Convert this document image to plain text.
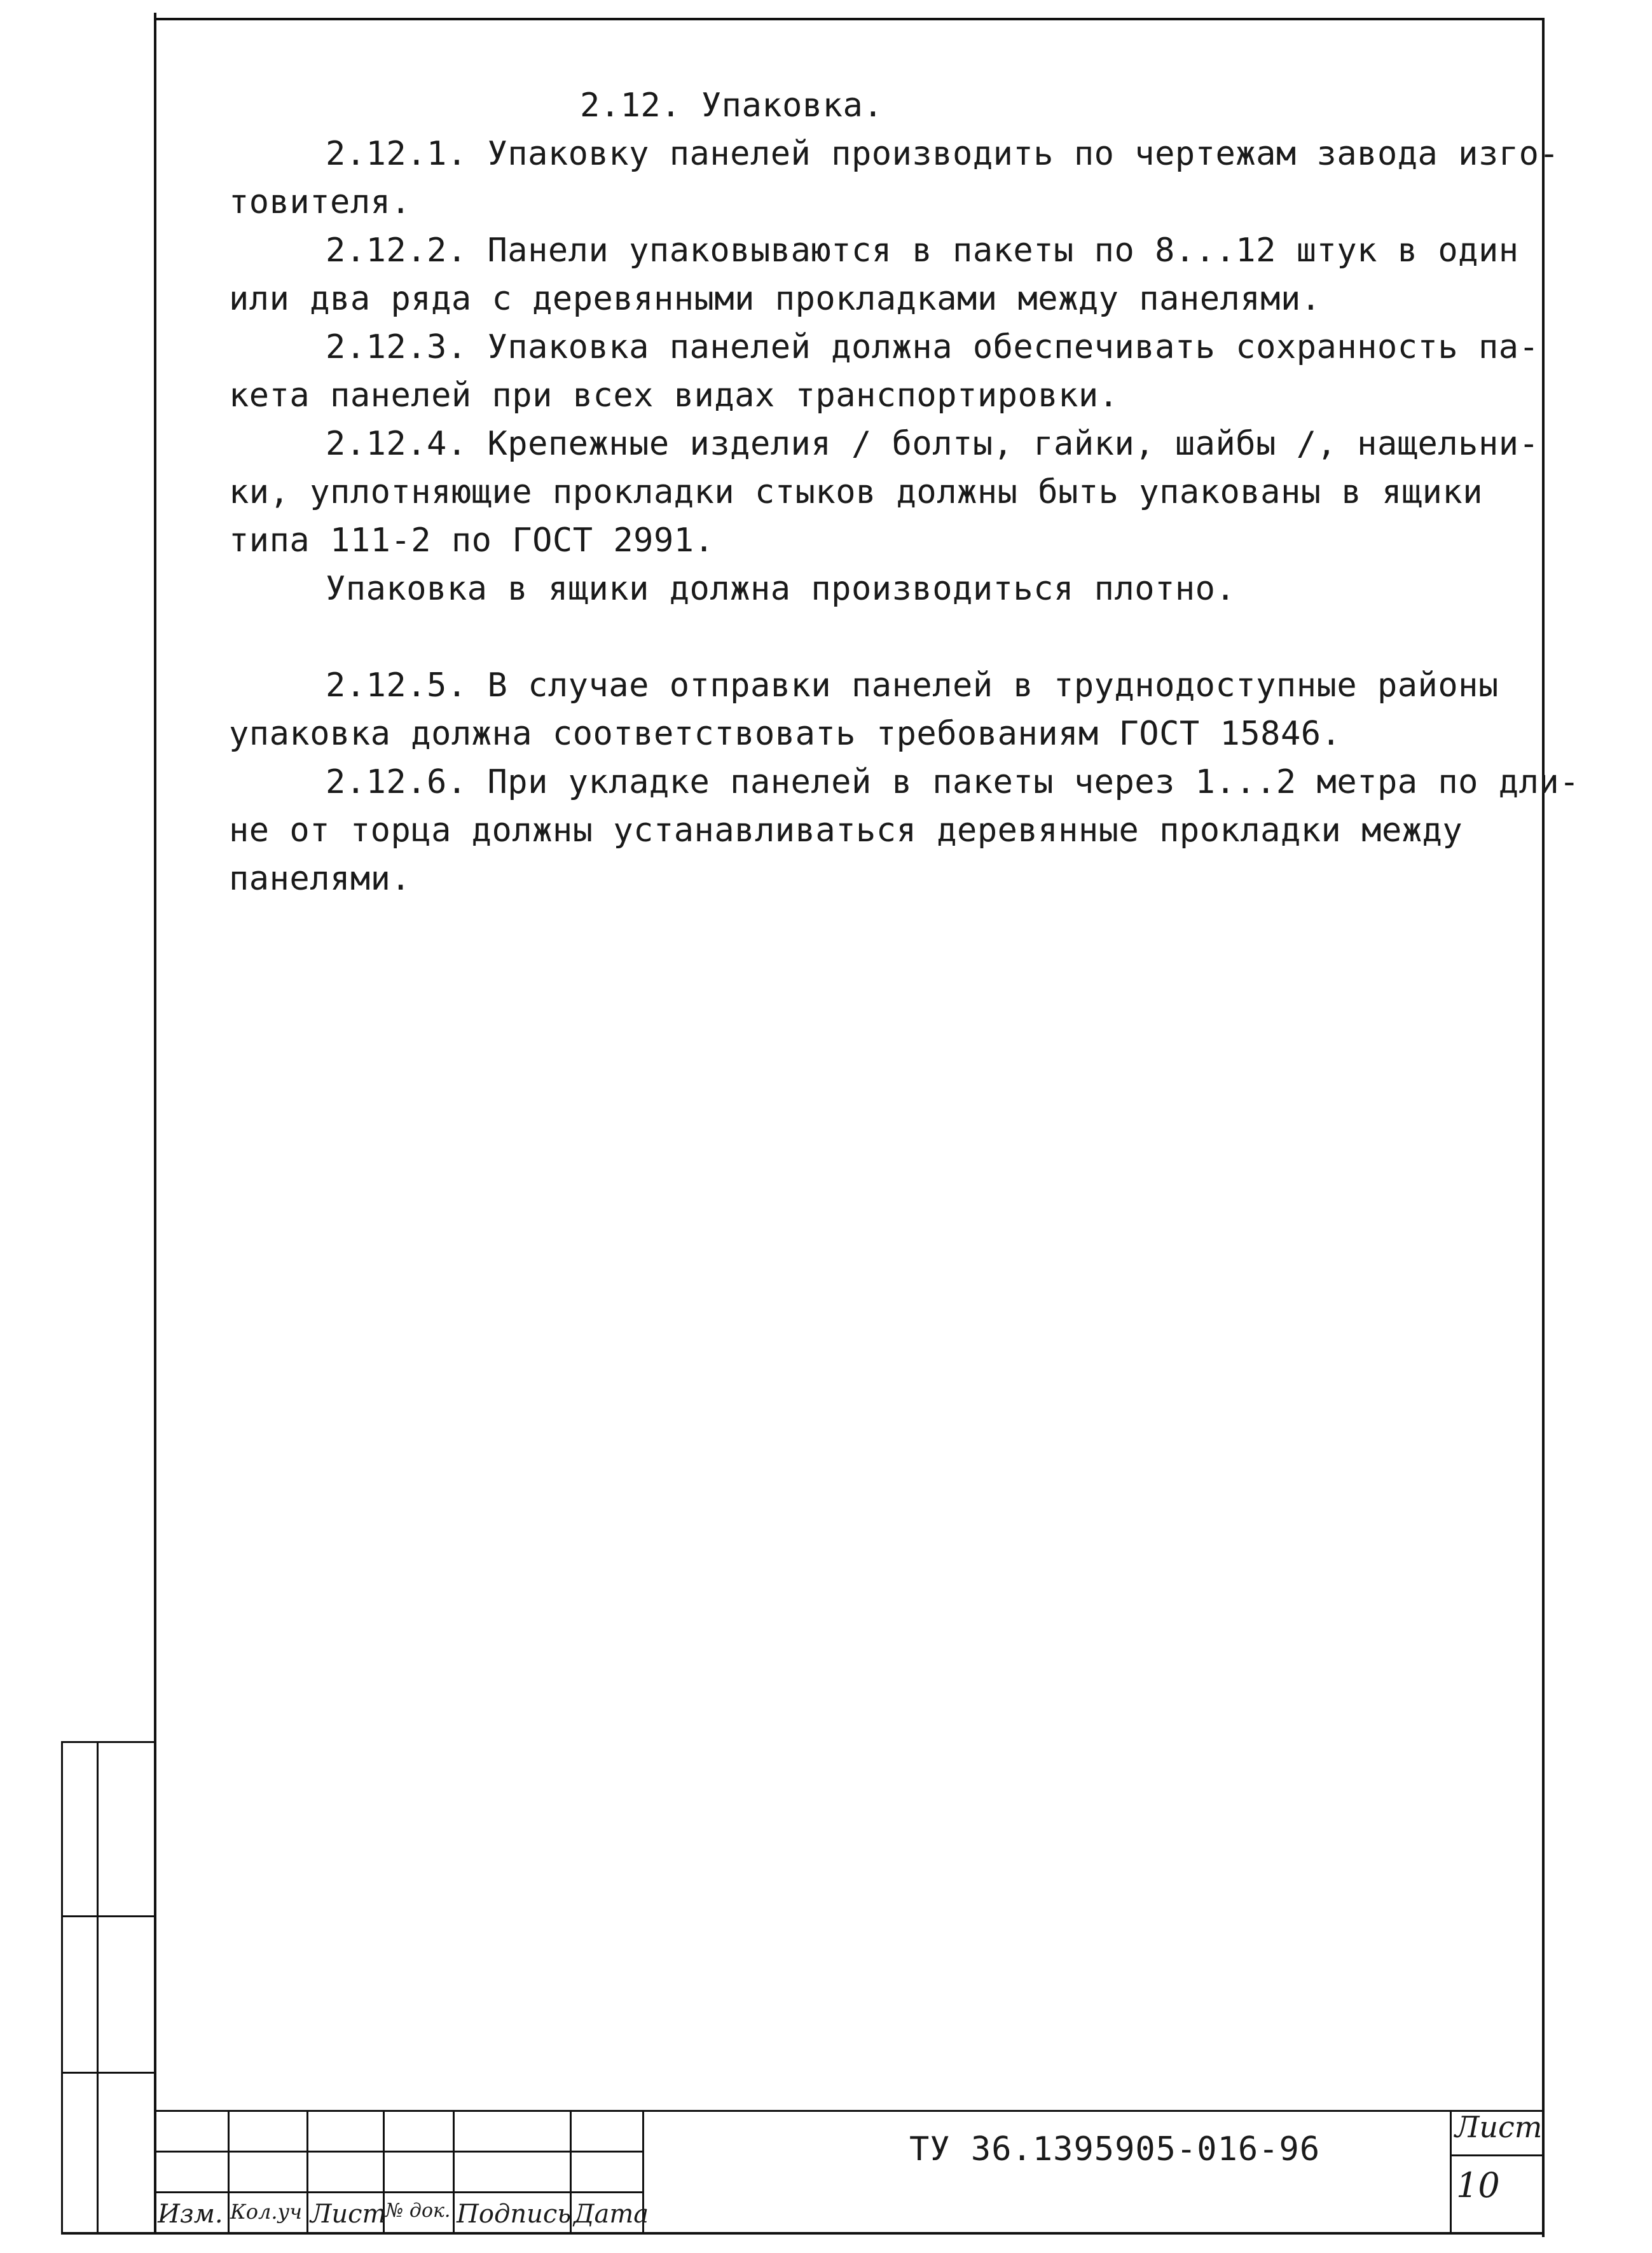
2.12. Упаковка.
2.12.1. Упаковку панелей производить по чертежам завода изго-
товителя.
2.12.2. Панели упаковываются в пакеты по 8...12 штук в один
или два ряда с деревянными прокладками между панелями.
2.12.3. Упаковка панелей должна обеспечивать сохранность па-
кета панелей при всех видах транспортировки.
2.12.4. Крепежные изделия / болты, гайки, шайбы /, нащельни-
ки, уплотняющие прокладки стыков должны быть упакованы в ящики
типа 111-2 по ГОСТ 2991.
Упаковка в ящики должна производиться плотно.
2.12.5. В случае отправки панелей в труднодоступные районы
упаковка должна соответствовать требованиям ГОСТ 15846.
2.12.6. При укладке панелей в пакеты через 1...2 метра по дли-
не от торца должны устанавливаться деревянные прокладки между
панелями.
Изм. Кол.уч Лист
№ док. Подпись Дата
ТУ 36.1395905-016-96
Лист
10
